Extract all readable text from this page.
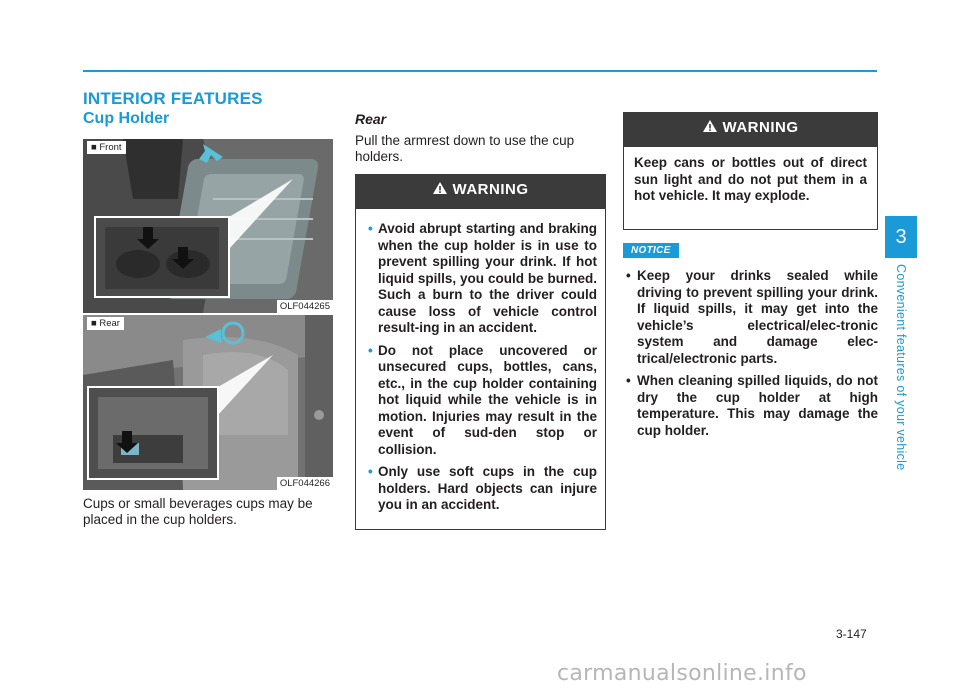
INTERIOR FEATURES
Cup Holder
■ Front
OLF044265
■ Rear
OLF044266
Cups or small beverages cups may be placed in the cup holders.
Rear
Pull the armrest down to use the cup holders.
WARNING
• Avoid abrupt starting and braking when the cup holder is in use to prevent spilling your drink. If hot liquid spills, you could be burned. Such a burn to the driver could cause loss of vehicle control result-ing in an accident.
• Do not place uncovered or unsecured cups, bottles, cans, etc., in the cup holder containing hot liquid while the vehicle is in motion. Injuries may result in the event of sud-den stop or collision.
• Only use soft cups in the cup holders. Hard objects can injure you in an accident.
WARNING
Keep cans or bottles out of direct sun light and do not put them in a hot vehicle. It may explode.
NOTICE
• Keep your drinks sealed while driving to prevent spilling your drink. If liquid spills, it may get into the vehicle’s electrical/elec-tronic system and damage elec-trical/electronic parts.
• When cleaning spilled liquids, do not dry the cup holder at high temperature. This may damage the cup holder.
3
Convenient features of your vehicle
3-147
carmanualsonline.info
